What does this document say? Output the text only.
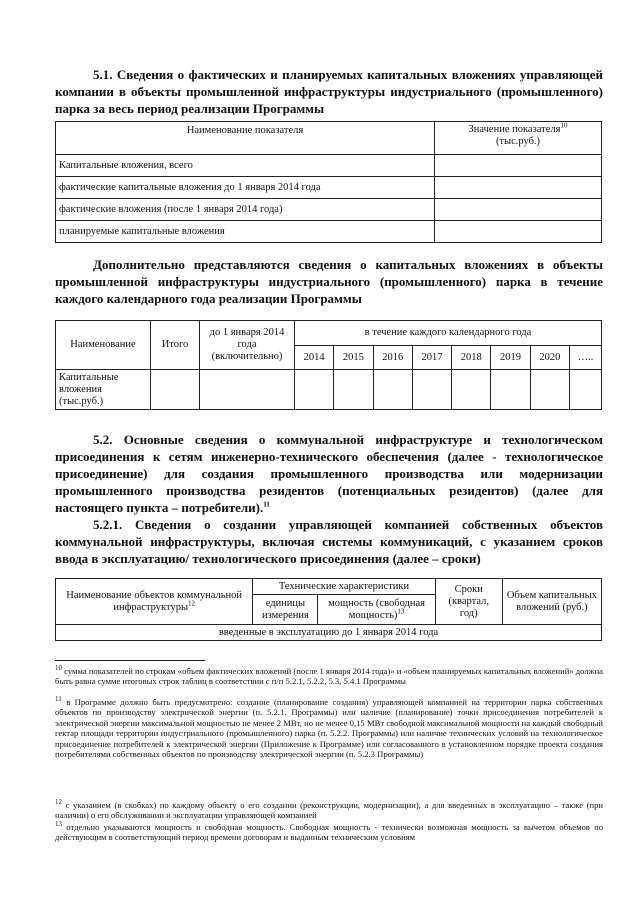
5.1. Сведения о фактических и планируемых капитальных вложениях управляющей компании в объекты промышленной инфраструктуры индустриального (промышленного) парка за весь период реализации Программы

Наименование показателя	Значение показателя$^{10}$
(тыс.руб.)
Капитальные вложения, всего	
фактические капитальные вложения до 1 января 2014 года	
фактические вложения (после 1 января 2014 года)	
планируемые капитальные вложения	

Дополнительно представляются сведения о капитальных вложениях в объекты промышленной инфраструктуры индустриального (промышленного) парка в течение каждого календарного года реализации Программы

Наименование	Итого	до 1 января 2014 года (включительно)	в течение каждого календарного года							
			2014	2015	2016	2017	2018	2019	2020	…..
Капитальные вложения (тыс.руб.)										

5.2. Основные сведения о коммунальной инфраструктуре и технологическом присоединения к сетям инженерно-технического обеспечения (далее - технологическое присоединение) для создания промышленного производства или модернизации промышленного производства резидентов (потенциальных резидентов) (далее для настоящего пункта – потребители).$^{11}$

5.2.1. Сведения о создании управляющей компанией собственных объектов коммунальной инфраструктуры, включая системы коммуникаций, с указанием сроков ввода в эксплуатацию/ технологического присоединения (далее – сроки)

Наименование объектов коммунальной инфраструктуры$^{12}$	Технические характеристики		Сроки (квартал, год)	Объем капитальных вложений (руб.)
	единицы измерения	мощность (свободная мощность)$^{13}$
введенные в эксплуатацию до 1 января 2014 года				

$^{10}$ сумма показателей по строкам «объем фактических вложений (после 1 января 2014 года)» и «объем планируемых капитальных вложений» должна быть равна сумме итоговых строк таблиц в соответствии с п/п 5.2.1, 5.2.2, 5.3, 5.4.1 Программы

$^{11}$ в Программе должно быть предусмотрено: создание (планирование создания) управляющей компанией на территории парка собственных объектов по производству электрической энергии (п. 5.2.1. Программы) или наличие (планирование) точки присоединения потребителей к электрической энергии максимальной мощностью не менее 2 МВт, но не менее 0,15 МВт свободной максимальной мощности на каждый свободный гектар площади территории индустриального (промышленного) парка (п. 5.2.2. Программы) или наличие технических условий на технологическое присоединение потребителей к электрической энергии (Приложение к Программе) или согласованного в установленном порядке проекта создания потребителями собственных объектов по производству электрической энергии (п. 5.2.3 Программы)

$^{12}$ с указанием (в скобках) по каждому объекту о его создании (реконструкции, модернизации), а для введенных в эксплуатацию – также (при наличии) о его обслуживании и эксплуатации управляющей компанией

$^{13}$ отдельно указываются мощность и свободная мощность. Свободная мощность - технически возможная мощность за вычетом объемов по действующим в соответствующий период времени договорам и выданным техническим условиям
